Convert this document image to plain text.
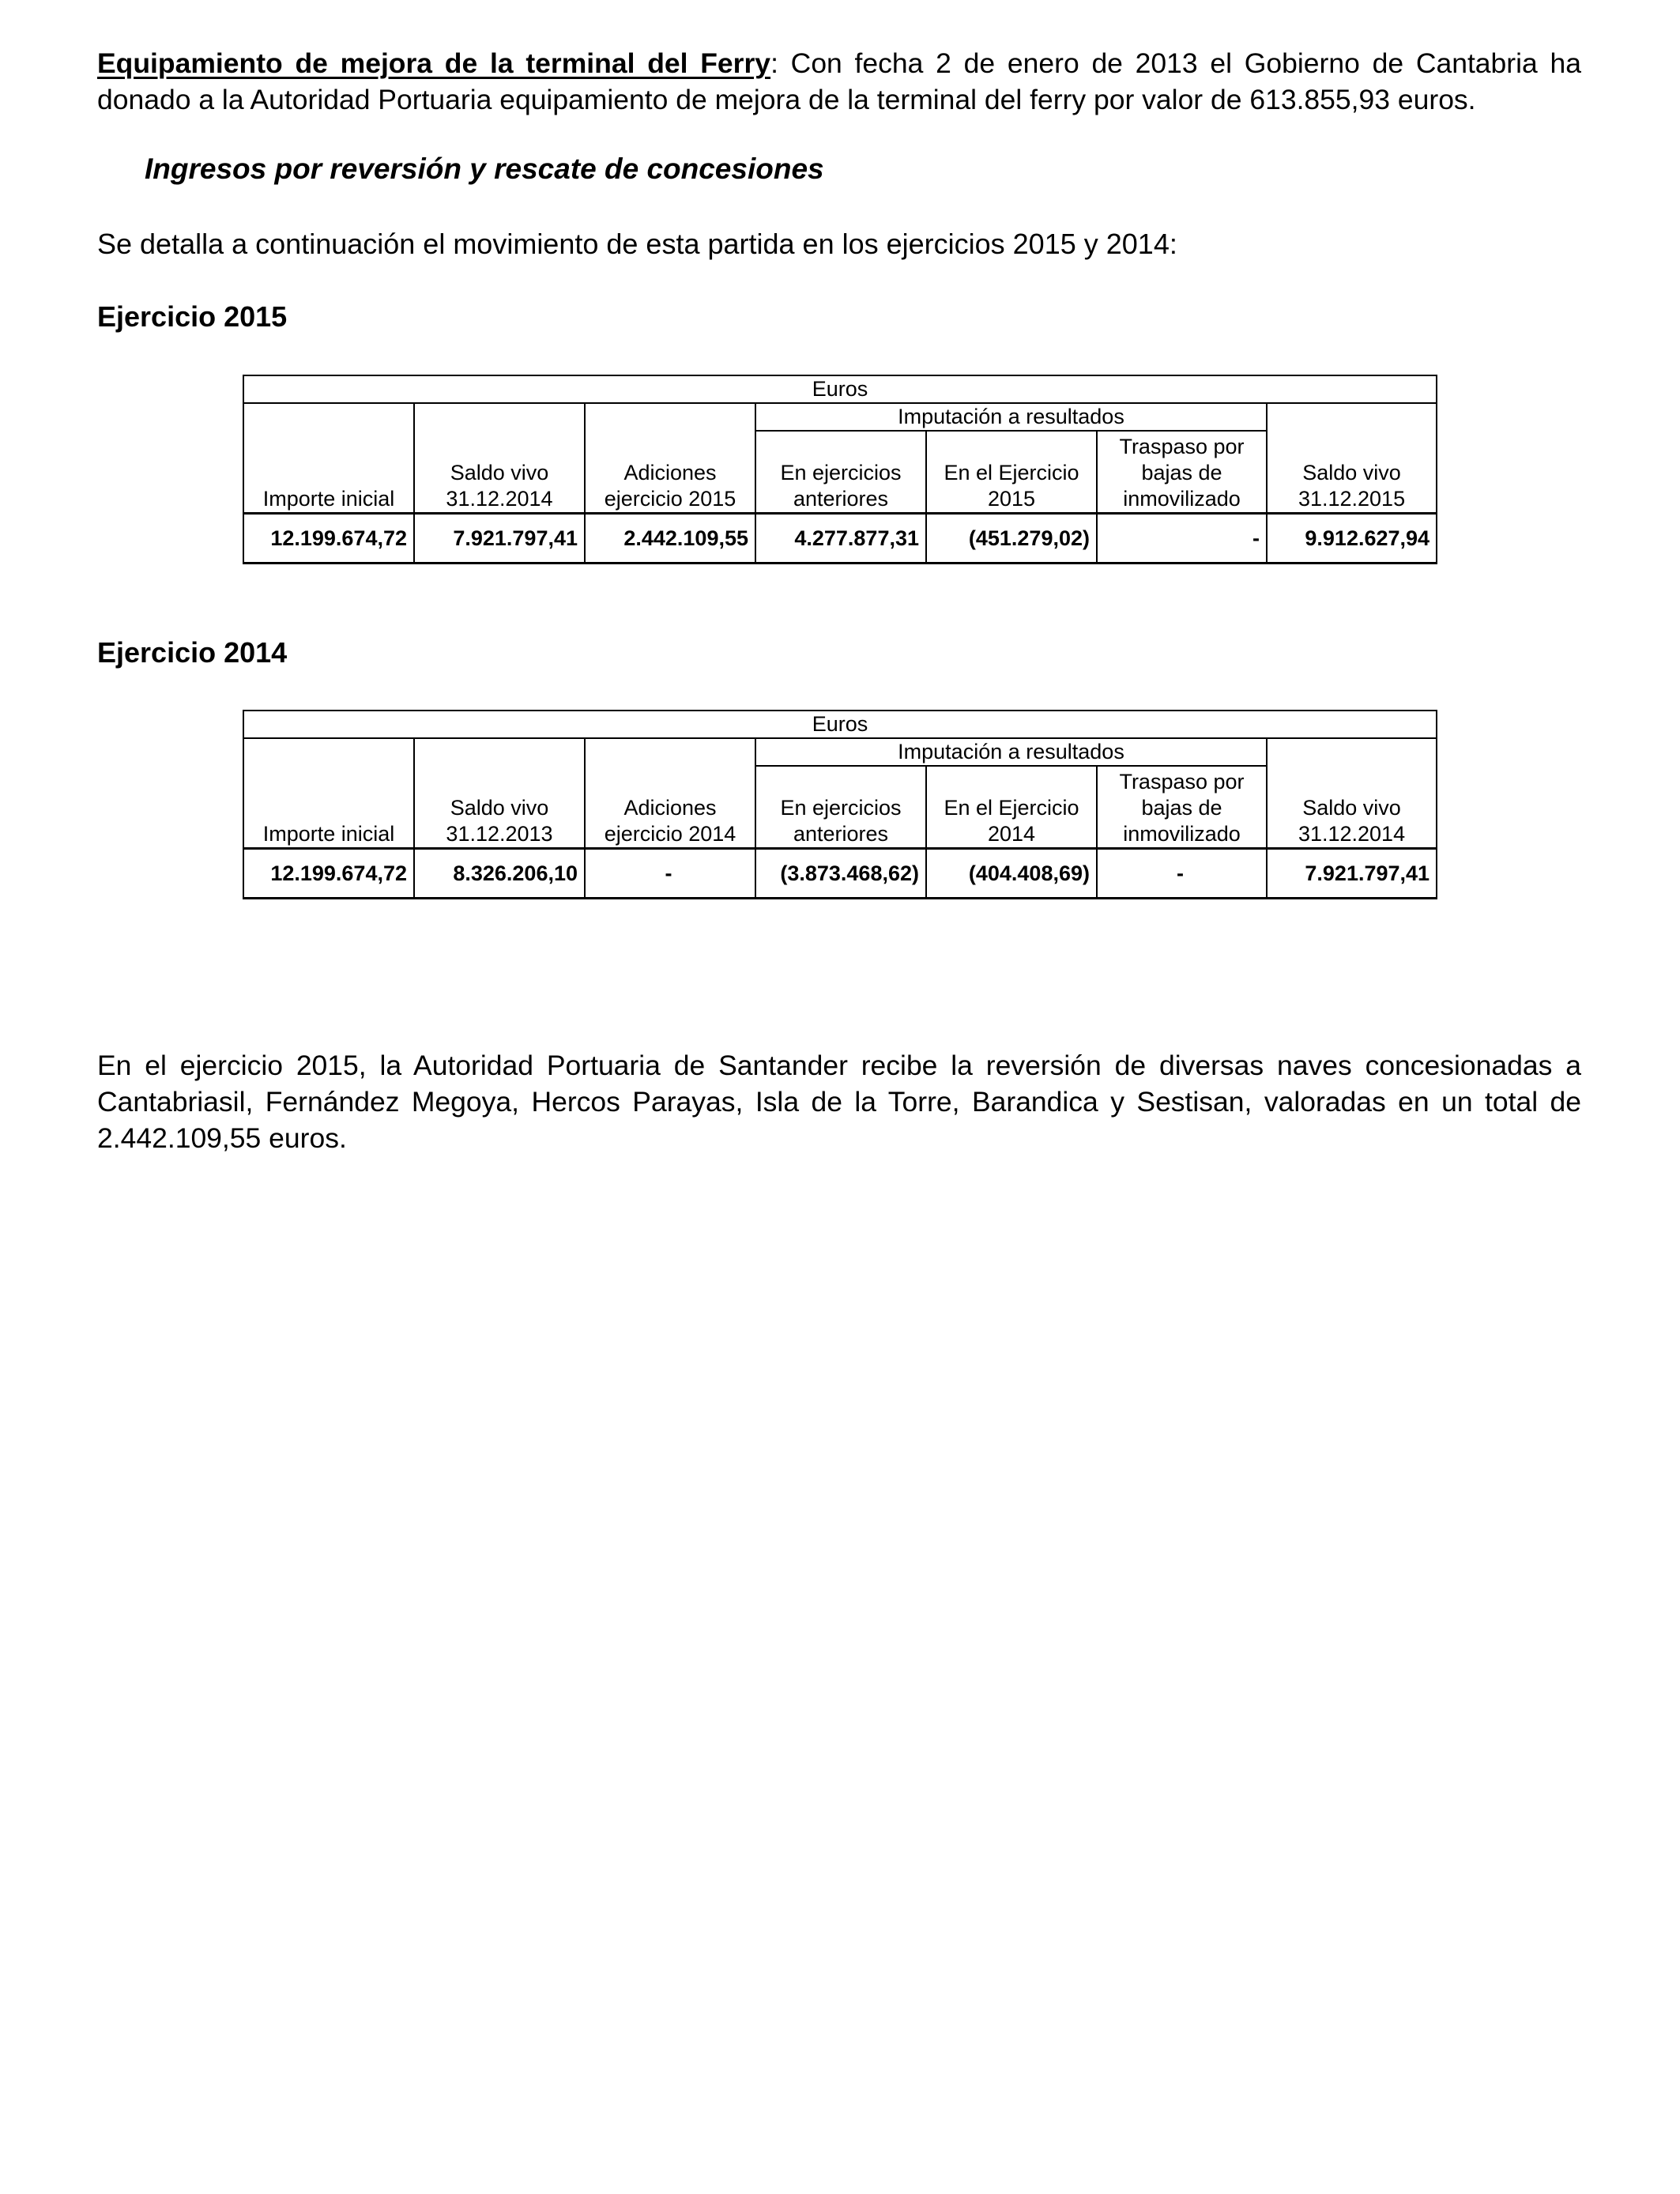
Equipamiento de mejora de la terminal del Ferry: Con fecha 2 de enero de 2013 el Gobierno de Cantabria ha donado a la Autoridad Portuaria equipamiento de mejora de la terminal del ferry por valor de 613.855,93 euros.

Ingresos por reversión y rescate de concesiones

Se detalla a continuación el movimiento de esta partida en los ejercicios 2015 y 2014:

Ejercicio 2015

Euros						
Importe inicial	Saldo vivo 31.12.2014	Adiciones ejercicio 2015	Imputación a resultados			Saldo vivo 31.12.2015
			En ejercicios anteriores	En el Ejercicio 2015	Traspaso por bajas de inmovilizado	
12.199.674,72	7.921.797,41	2.442.109,55	4.277.877,31	(451.279,02)	-	9.912.627,94

Ejercicio 2014

Euros						
Importe inicial	Saldo vivo 31.12.2013	Adiciones ejercicio 2014	Imputación a resultados			Saldo vivo 31.12.2014
			En ejercicios anteriores	En el Ejercicio 2014	Traspaso por bajas de inmovilizado	
12.199.674,72	8.326.206,10	-	(3.873.468,62)	(404.408,69)	-	7.921.797,41

En el ejercicio 2015, la Autoridad Portuaria de Santander recibe la reversión de diversas naves concesionadas a Cantabriasil, Fernández Megoya, Hercos Parayas, Isla de la Torre, Barandica y Sestisan, valoradas en un total de 2.442.109,55 euros.
